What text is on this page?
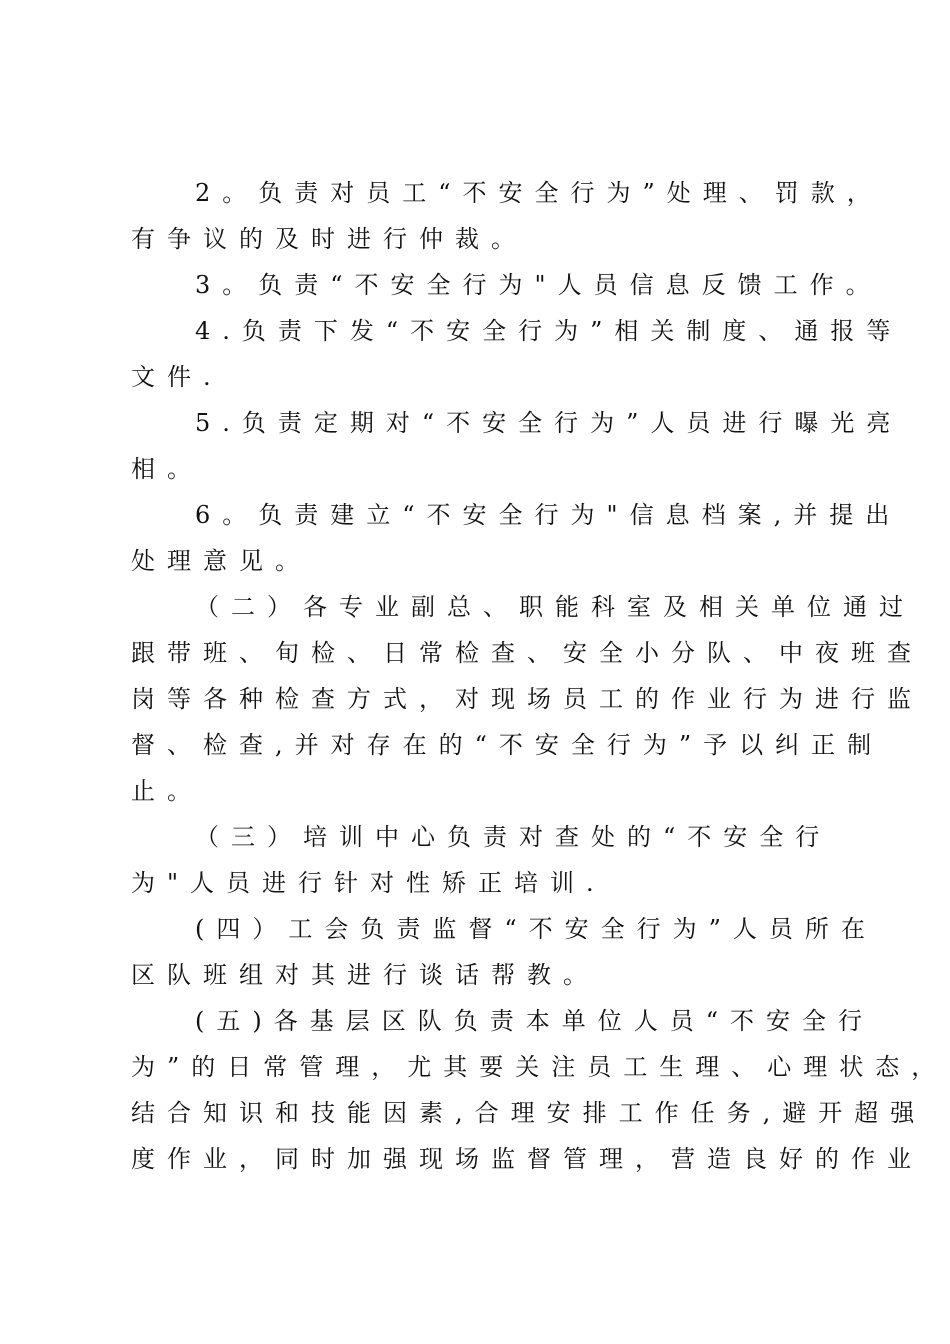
2。负责对员工“不安全行为”处理、罚款，
有争议的及时进行仲裁。
3。负责“不安全行为"人员信息反馈工作。
4.负责下发“不安全行为”相关制度、通报等
文件.
5.负责定期对“不安全行为”人员进行曝光亮
相。
6。负责建立“不安全行为"信息档案,并提出
处理意见。
（二）各专业副总、职能科室及相关单位通过
跟带班、旬检、日常检查、安全小分队、中夜班查
岗等各种检查方式，对现场员工的作业行为进行监
督、检查,并对存在的“不安全行为”予以纠正制
止。
（三）培训中心负责对查处的“不安全行
为"人员进行针对性矫正培训.
(四）工会负责监督“不安全行为”人员所在
区队班组对其进行谈话帮教。
(五)各基层区队负责本单位人员“不安全行
为”的日常管理，尤其要关注员工生理、心理状态，
结合知识和技能因素,合理安排工作任务,避开超强
度作业，同时加强现场监督管理，营造良好的作业
